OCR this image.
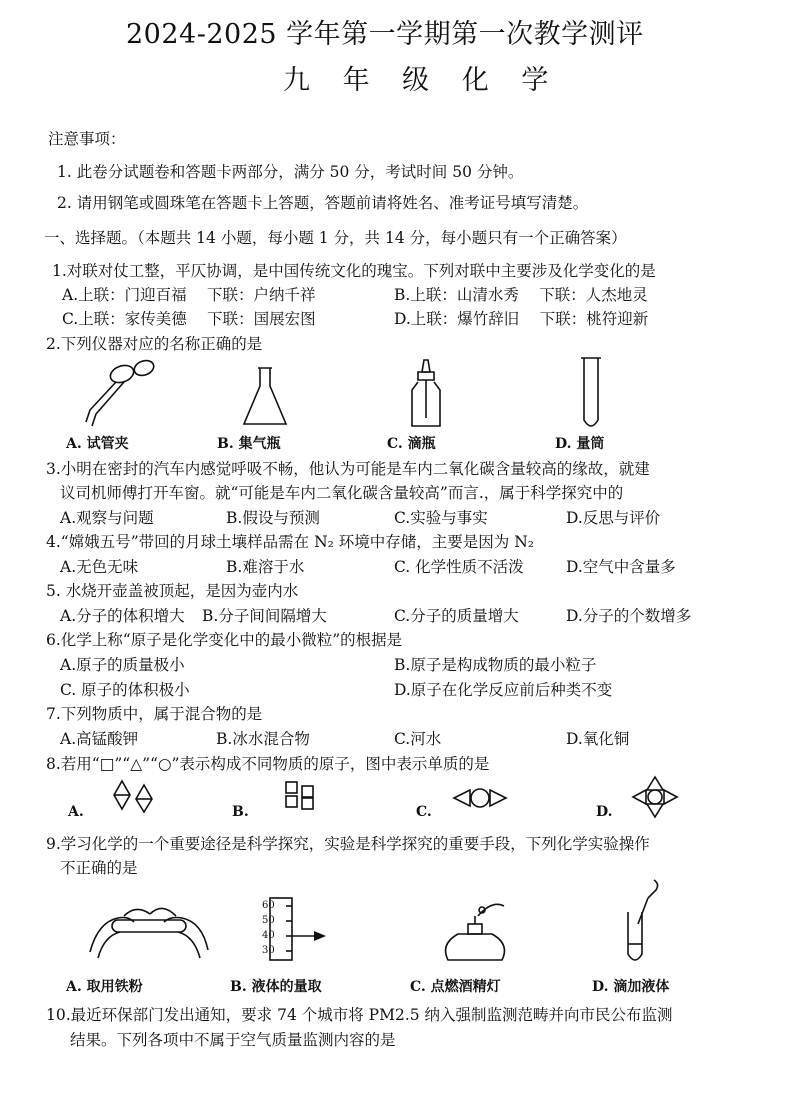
2024-2025 学年第一学期第一次教学测评
九 年 级 化 学
注意事项：
1. 此卷分试题卷和答题卡两部分，满分 50 分，考试时间 50 分钟。
2. 请用钢笔或圆珠笔在答题卡上答题，答题前请将姓名、准考证号填写清楚。
一、选择题。（本题共 14 小题，每小题 1 分，共 14 分，每小题只有一个正确答案）
1.对联对仗工整，平仄协调，是中国传统文化的瑰宝。下列对联中主要涉及化学变化的是
A.上联：门迎百福　 下联：户纳千祥	B.上联：山清水秀　 下联：人杰地灵
C.上联：家传美德　 下联：国展宏图	D.上联：爆竹辞旧　 下联：桃符迎新
2.下列仪器对应的名称正确的是
A. 试管夹	B. 集气瓶	C. 滴瓶	D. 量筒
3.小明在密封的汽车内感觉呼吸不畅，他认为可能是车内二氧化碳含量较高的缘故，就建
议司机师傅打开车窗。就“可能是车内二氧化碳含量较高”而言.，属于科学探究中的
A.观察与问题	B.假设与预测	C.实验与事实	D.反思与评价
4.“嫦娥五号”带回的月球土壤样品需在 N₂ 环境中存储，主要是因为 N₂
A.无色无味	B.难溶于水	C. 化学性质不活泼	D.空气中含量多
5. 水烧开壶盖被顶起，是因为壶内水
A.分子的体积增大 B.分子间间隔增大	C.分子的质量增大	D.分子的个数增多
6.化学上称“原子是化学变化中的最小微粒”的根据是
A.原子的质量极小	B.原子是构成物质的最小粒子
C. 原子的体积极小	D.原子在化学反应前后种类不变
7.下列物质中，属于混合物的是
A.高锰酸钾	B.冰水混合物	C.河水	D.氧化铜
8.若用“□”“△”“○”表示构成不同物质的原子，图中表示单质的是
A.	B.	C.	D.
9.学习化学的一个重要途径是科学探究，实验是科学探究的重要手段，下列化学实验操作
不正确的是
60
50
40
30
A. 取用铁粉	B. 液体的量取	C. 点燃酒精灯	D. 滴加液体
10.最近环保部门发出通知，要求 74 个城市将 PM2.5 纳入强制监测范畴并向市民公布监测
结果。下列各项中不属于空气质量监测内容的是
